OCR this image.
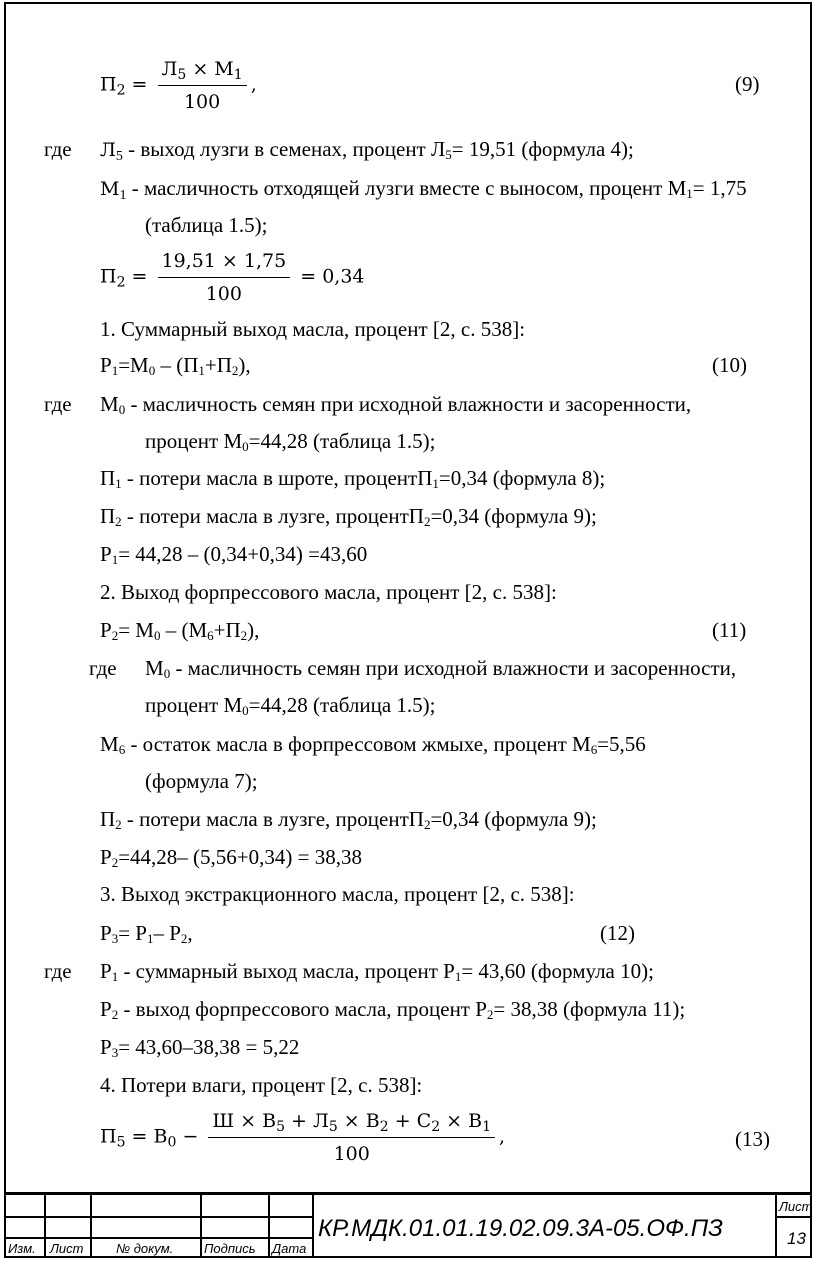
$П_2 = \frac{Л_5 \times М_1}{100}$ ,	(9)
где Л5 - выход лузги в семенах, процент $Л_5= 19,51$ (формула 4);
М1 - масличность отходящей лузги вместе с выносом, процент $М_1= 1,75$
(таблица 1.5);
$П_2 = \frac{19,51 \times 1,75}{100} = 0,34$
1. Суммарный выход масла, процент [2, с. 538]:
$Р_1=М_0 - (П_1+П_2)$,	(10)
где $М_0$ - масличность семян при исходной влажности и засоренности,
процент $М_0=44,28$ (таблица 1.5);
$П_1$ - потери масла в шроте, процентП$_1$=0,34 (формула 8);
$П_2$ - потери масла в лузге, процентП$_2$=0,34 (формула 9);
$Р_1= 44,28 - (0,34+0,34) =43,60$
2. Выход форпрессового масла, процент [2, с. 538]:
$Р_2= М_0 - (М_6+П_2)$,	(11)
где $М_0$ - масличность семян при исходной влажности и засоренности,
процент $М_0=44,28$ (таблица 1.5);
$М_6$ - остаток масла в форпрессовом жмыхе, процент $М_6=5,56$
(формула 7);
$П_2$ - потери масла в лузге, процентП$_2$=0,34 (формула 9);
$Р_2=44,28-$ (5,56+0,34) = 38,38
3. Выход экстракционного масла, процент [2, с. 538]:
$Р_3= Р_1-$ $Р_2$,	(12)
где $Р_1$ - суммарный выход масла, процент $Р_1= 43,60$ (формула 10);
$Р_2$ - выход форпрессового масла, процент $Р_2= 38,38$ (формула 11);
$Р_3= 43,60-38,38 = 5,22$
4. Потери влаги, процент [2, с. 538]:
$П_5 = В_0 - \frac{Ш \times В_5 + Л_5 \times В_2 + С_2 \times В_1}{100}$ ,	(13)
Изм. Лист	№ докум. Подпись Дата
КР.МДК.01.01.19.02.09.3А-05.ОФ.ПЗ
Лист
13
